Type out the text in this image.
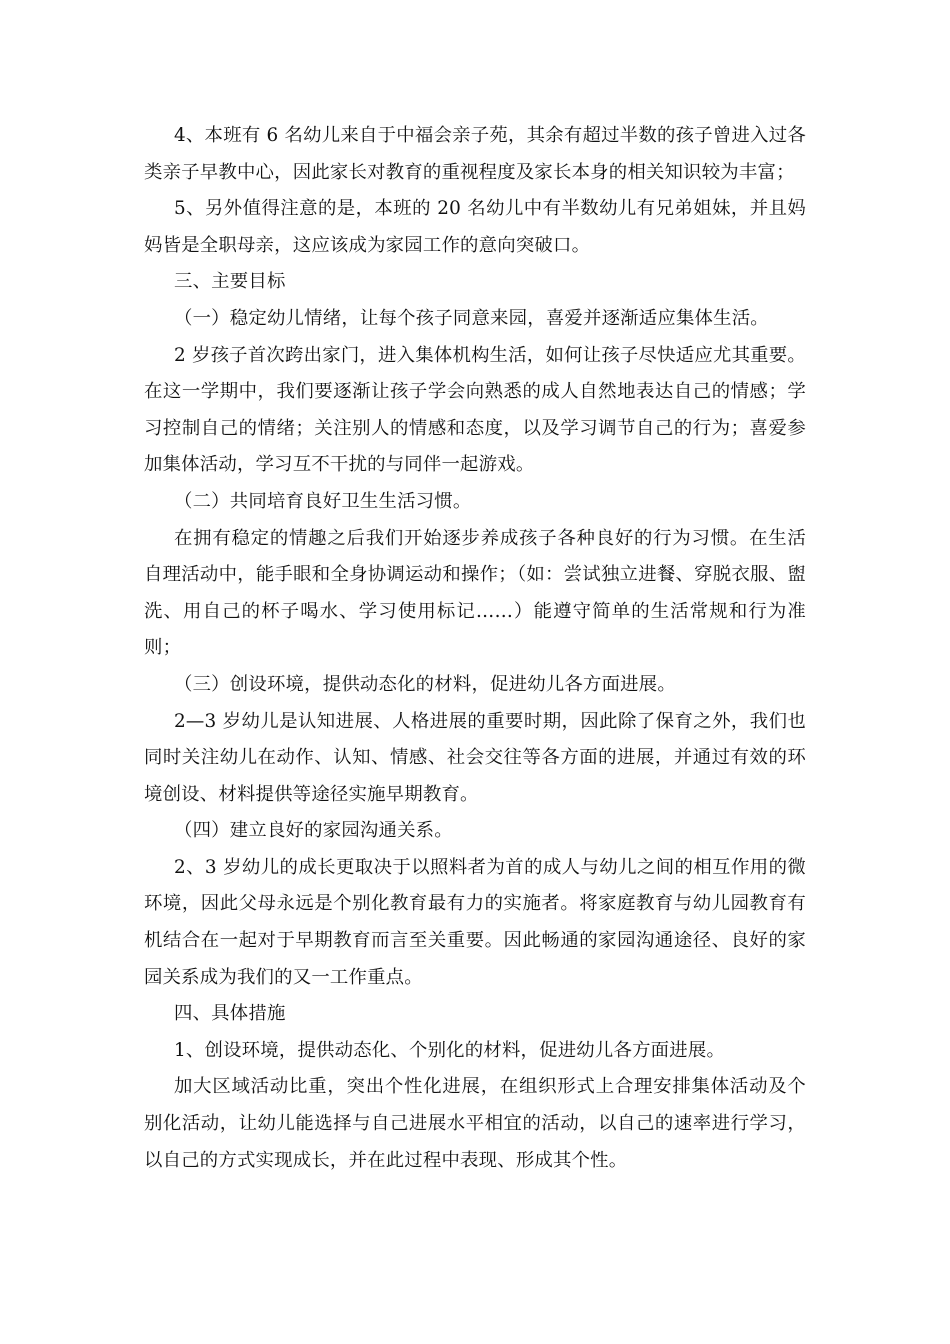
4、本班有 6 名幼儿来自于中福会亲子苑，其余有超过半数的孩子曾进入过各类亲子早教中心，因此家长对教育的重视程度及家长本身的相关知识较为丰富；

5、另外值得注意的是，本班的 20 名幼儿中有半数幼儿有兄弟姐妹，并且妈妈皆是全职母亲，这应该成为家园工作的意向突破口。

三、主要目标

（一）稳定幼儿情绪，让每个孩子同意来园，喜爱并逐渐适应集体生活。

2 岁孩子首次跨出家门，进入集体机构生活，如何让孩子尽快适应尤其重要。在这一学期中，我们要逐渐让孩子学会向熟悉的成人自然地表达自己的情感；学习控制自己的情绪；关注别人的情感和态度，以及学习调节自己的行为；喜爱参加集体活动，学习互不干扰的与同伴一起游戏。

（二）共同培育良好卫生生活习惯。

在拥有稳定的情趣之后我们开始逐步养成孩子各种良好的行为习惯。在生活自理活动中，能手眼和全身协调运动和操作；（如：尝试独立进餐、穿脱衣服、盥洗、用自己的杯子喝水、学习使用标记……）能遵守简单的生活常规和行为准则；

（三）创设环境，提供动态化的材料，促进幼儿各方面进展。

2—3 岁幼儿是认知进展、人格进展的重要时期，因此除了保育之外，我们也同时关注幼儿在动作、认知、情感、社会交往等各方面的进展，并通过有效的环境创设、材料提供等途径实施早期教育。

（四）建立良好的家园沟通关系。

2、3 岁幼儿的成长更取决于以照料者为首的成人与幼儿之间的相互作用的微环境，因此父母永远是个别化教育最有力的实施者。将家庭教育与幼儿园教育有机结合在一起对于早期教育而言至关重要。因此畅通的家园沟通途径、良好的家园关系成为我们的又一工作重点。

四、具体措施

1、创设环境，提供动态化、个别化的材料，促进幼儿各方面进展。

加大区域活动比重，突出个性化进展，在组织形式上合理安排集体活动及个别化活动，让幼儿能选择与自己进展水平相宜的活动，以自己的速率进行学习，以自己的方式实现成长，并在此过程中表现、形成其个性。
